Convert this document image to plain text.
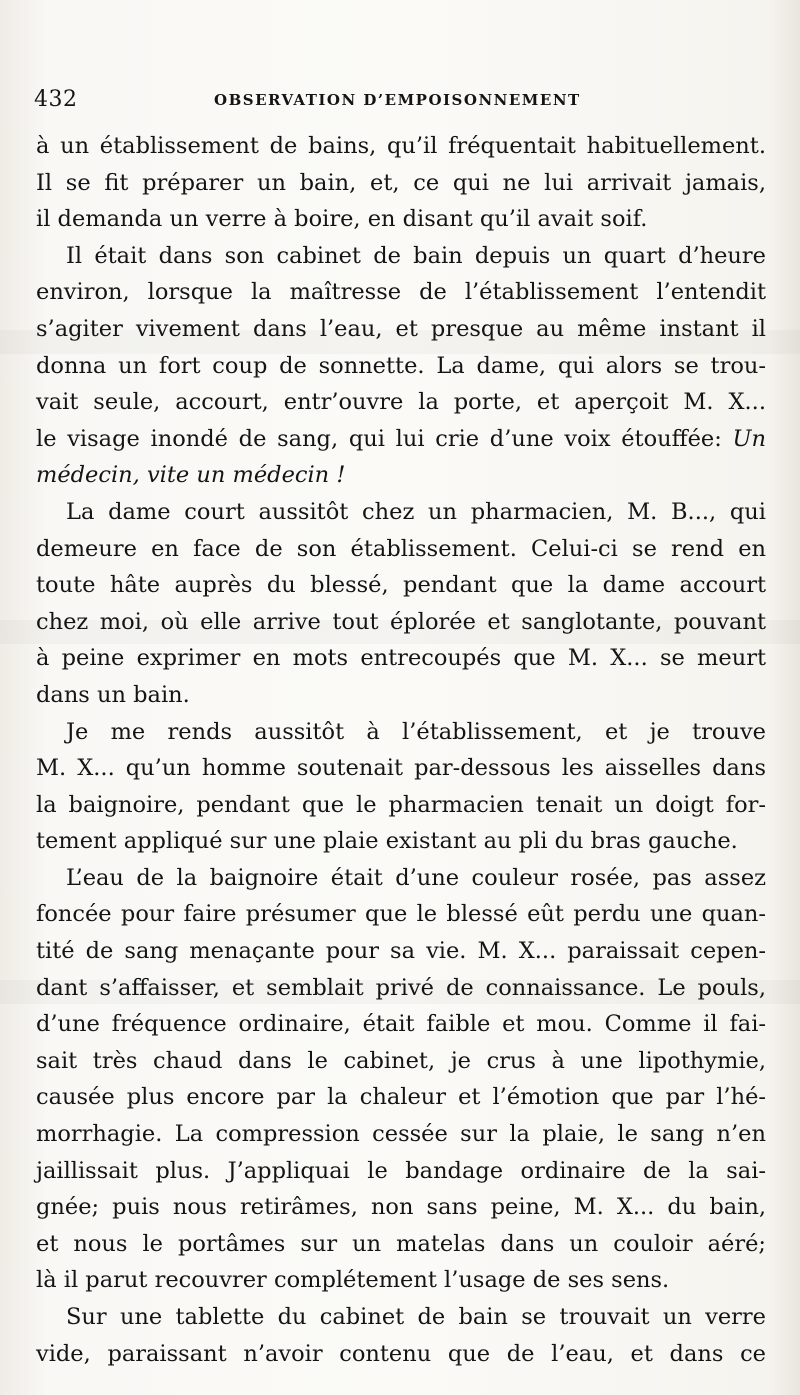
432	OBSERVATION D’EMPOISONNEMENT
à un établissement de bains, qu’il fréquentait habituellement.
Il se fit préparer un bain, et, ce qui ne lui arrivait jamais,
il demanda un verre à boire, en disant qu’il avait soif.
Il était dans son cabinet de bain depuis un quart d’heure
environ, lorsque la maîtresse de l’établissement l’entendit
s’agiter vivement dans l’eau, et presque au même instant il
donna un fort coup de sonnette. La dame, qui alors se trou-
vait seule, accourt, entr’ouvre la porte, et aperçoit M. X...
le visage inondé de sang, qui lui crie d’une voix étouffée: Un
médecin, vite un médecin !
La dame court aussitôt chez un pharmacien, M. B..., qui
demeure en face de son établissement. Celui-ci se rend en
toute hâte auprès du blessé, pendant que la dame accourt
chez moi, où elle arrive tout éplorée et sanglotante, pouvant
à peine exprimer en mots entrecoupés que M. X... se meurt
dans un bain.
Je me rends aussitôt à l’établissement, et je trouve
M. X... qu’un homme soutenait par-dessous les aisselles dans
la baignoire, pendant que le pharmacien tenait un doigt for-
tement appliqué sur une plaie existant au pli du bras gauche.
L’eau de la baignoire était d’une couleur rosée, pas assez
foncée pour faire présumer que le blessé eût perdu une quan-
tité de sang menaçante pour sa vie. M. X... paraissait cepen-
dant s’affaisser, et semblait privé de connaissance. Le pouls,
d’une fréquence ordinaire, était faible et mou. Comme il fai-
sait très chaud dans le cabinet, je crus à une lipothymie,
causée plus encore par la chaleur et l’émotion que par l’hé-
morrhagie. La compression cessée sur la plaie, le sang n’en
jaillissait plus. J’appliquai le bandage ordinaire de la sai-
gnée; puis nous retirâmes, non sans peine, M. X... du bain,
et nous le portâmes sur un matelas dans un couloir aéré;
là il parut recouvrer complétement l’usage de ses sens.
Sur une tablette du cabinet de bain se trouvait un verre
vide, paraissant n’avoir contenu que de l’eau, et dans ce
